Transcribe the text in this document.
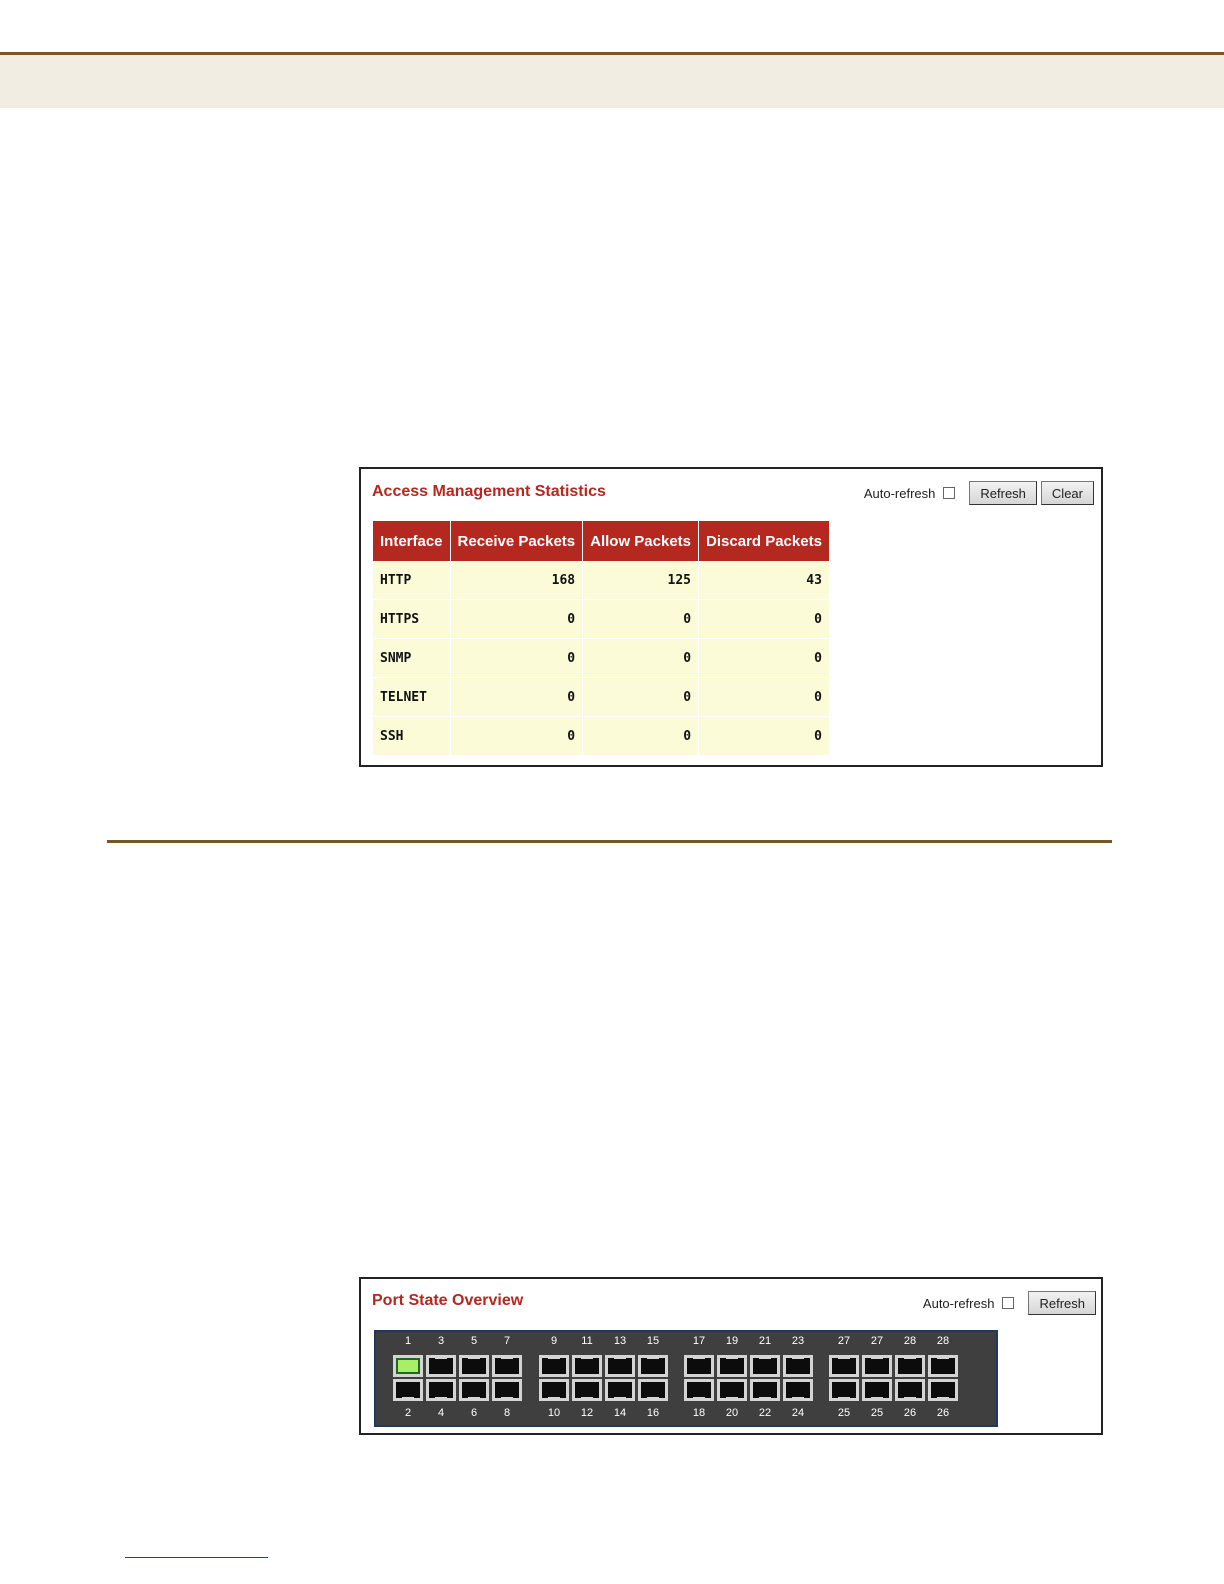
Access Management Statistics	Auto-refresh	Refresh	Clear
Interface	Receive Packets	Allow Packets	Discard Packets
HTTP	168	125	43
HTTPS	0	0	0
SNMP	0	0	0
TELNET	0	0	0
SSH	0	0	0
Port State Overview	Auto-refresh	Refresh
1
2
3
4
5
6
7
8
9
10
11
12
13
14
15
16
17
18
19
20
21
22
23
24
27
25
27
25
28
26
28
26
